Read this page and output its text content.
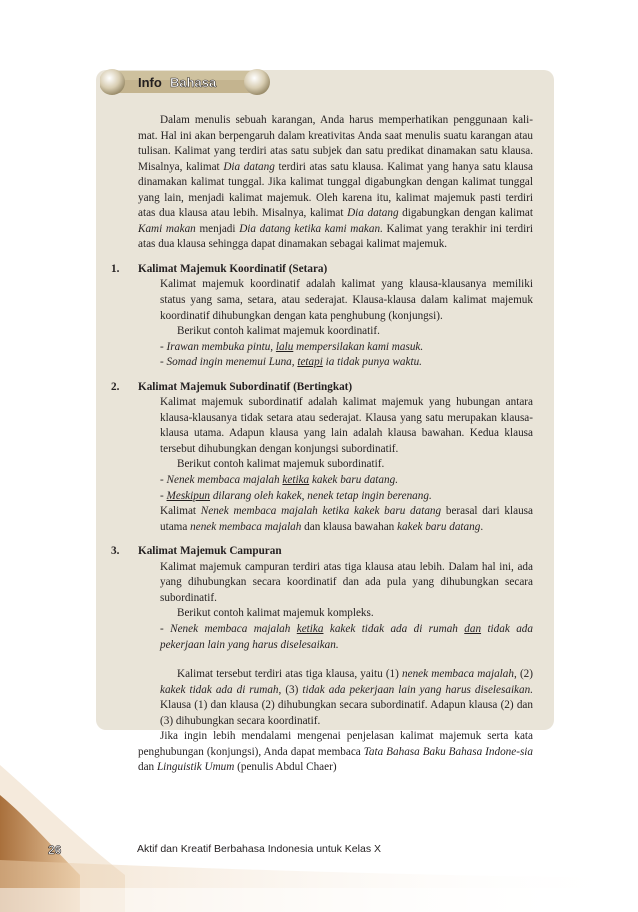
Info Bahasa

Dalam menulis sebuah karangan, Anda harus memperhatikan penggunaan kali-mat. Hal ini akan berpengaruh dalam kreativitas Anda saat menulis suatu karangan atau tulisan. Kalimat yang terdiri atas satu subjek dan satu predikat dinamakan satu klausa. Misalnya, kalimat Dia datang terdiri atas satu klausa. Kalimat yang hanya satu klausa dinamakan kalimat tunggal. Jika kalimat tunggal digabungkan dengan kalimat tunggal yang lain, menjadi kalimat majemuk. Oleh karena itu, kalimat majemuk pasti terdiri atas dua klausa atau lebih. Misalnya, kalimat Dia datang digabungkan dengan kalimat Kami makan menjadi Dia datang ketika kami makan. Kalimat yang terakhir ini terdiri atas dua klausa sehingga dapat dinamakan sebagai kalimat majemuk.

1. Kalimat Majemuk Koordinatif (Setara)

Kalimat majemuk koordinatif adalah kalimat yang klausa-klausanya memiliki status yang sama, setara, atau sederajat. Klausa-klausa dalam kalimat majemuk koordinatif dihubungkan dengan kata penghubung (konjungsi).

Berikut contoh kalimat majemuk koordinatif.

- Irawan membuka pintu, lalu mempersilakan kami masuk.

- Somad ingin menemui Luna, tetapi ia tidak punya waktu.

2. Kalimat Majemuk Subordinatif (Bertingkat)

Kalimat majemuk subordinatif adalah kalimat majemuk yang hubungan antara klausa-klausanya tidak setara atau sederajat. Klausa yang satu merupakan klausa-klausa utama. Adapun klausa yang lain adalah klausa bawahan. Kedua klausa tersebut dihubungkan dengan konjungsi subordinatif.

Berikut contoh kalimat majemuk subordinatif.

- Nenek membaca majalah ketika kakek baru datang.

- Meskipun dilarang oleh kakek, nenek tetap ingin berenang.

Kalimat Nenek membaca majalah ketika kakek baru datang berasal dari klausa utama nenek membaca majalah dan klausa bawahan kakek baru datang.

3. Kalimat Majemuk Campuran

Kalimat majemuk campuran terdiri atas tiga klausa atau lebih. Dalam hal ini, ada yang dihubungkan secara koordinatif dan ada pula yang dihubungkan secara subordinatif.

Berikut contoh kalimat majemuk kompleks.

- Nenek membaca majalah ketika kakek tidak ada di rumah dan tidak ada pekerjaan lain yang harus diselesaikan.

Kalimat tersebut terdiri atas tiga klausa, yaitu (1) nenek membaca majalah, (2) kakek tidak ada di rumah, (3) tidak ada pekerjaan lain yang harus diselesaikan. Klausa (1) dan klausa (2) dihubungkan secara subordinatif. Adapun klausa (2) dan (3) dihubungkan secara koordinatif.

Jika ingin lebih mendalami mengenai penjelasan kalimat majemuk serta kata penghubungan (konjungsi), Anda dapat membaca Tata Bahasa Baku Bahasa Indone-sia dan Linguistik Umum (penulis Abdul Chaer)

26	Aktif dan Kreatif Berbahasa Indonesia untuk Kelas X
